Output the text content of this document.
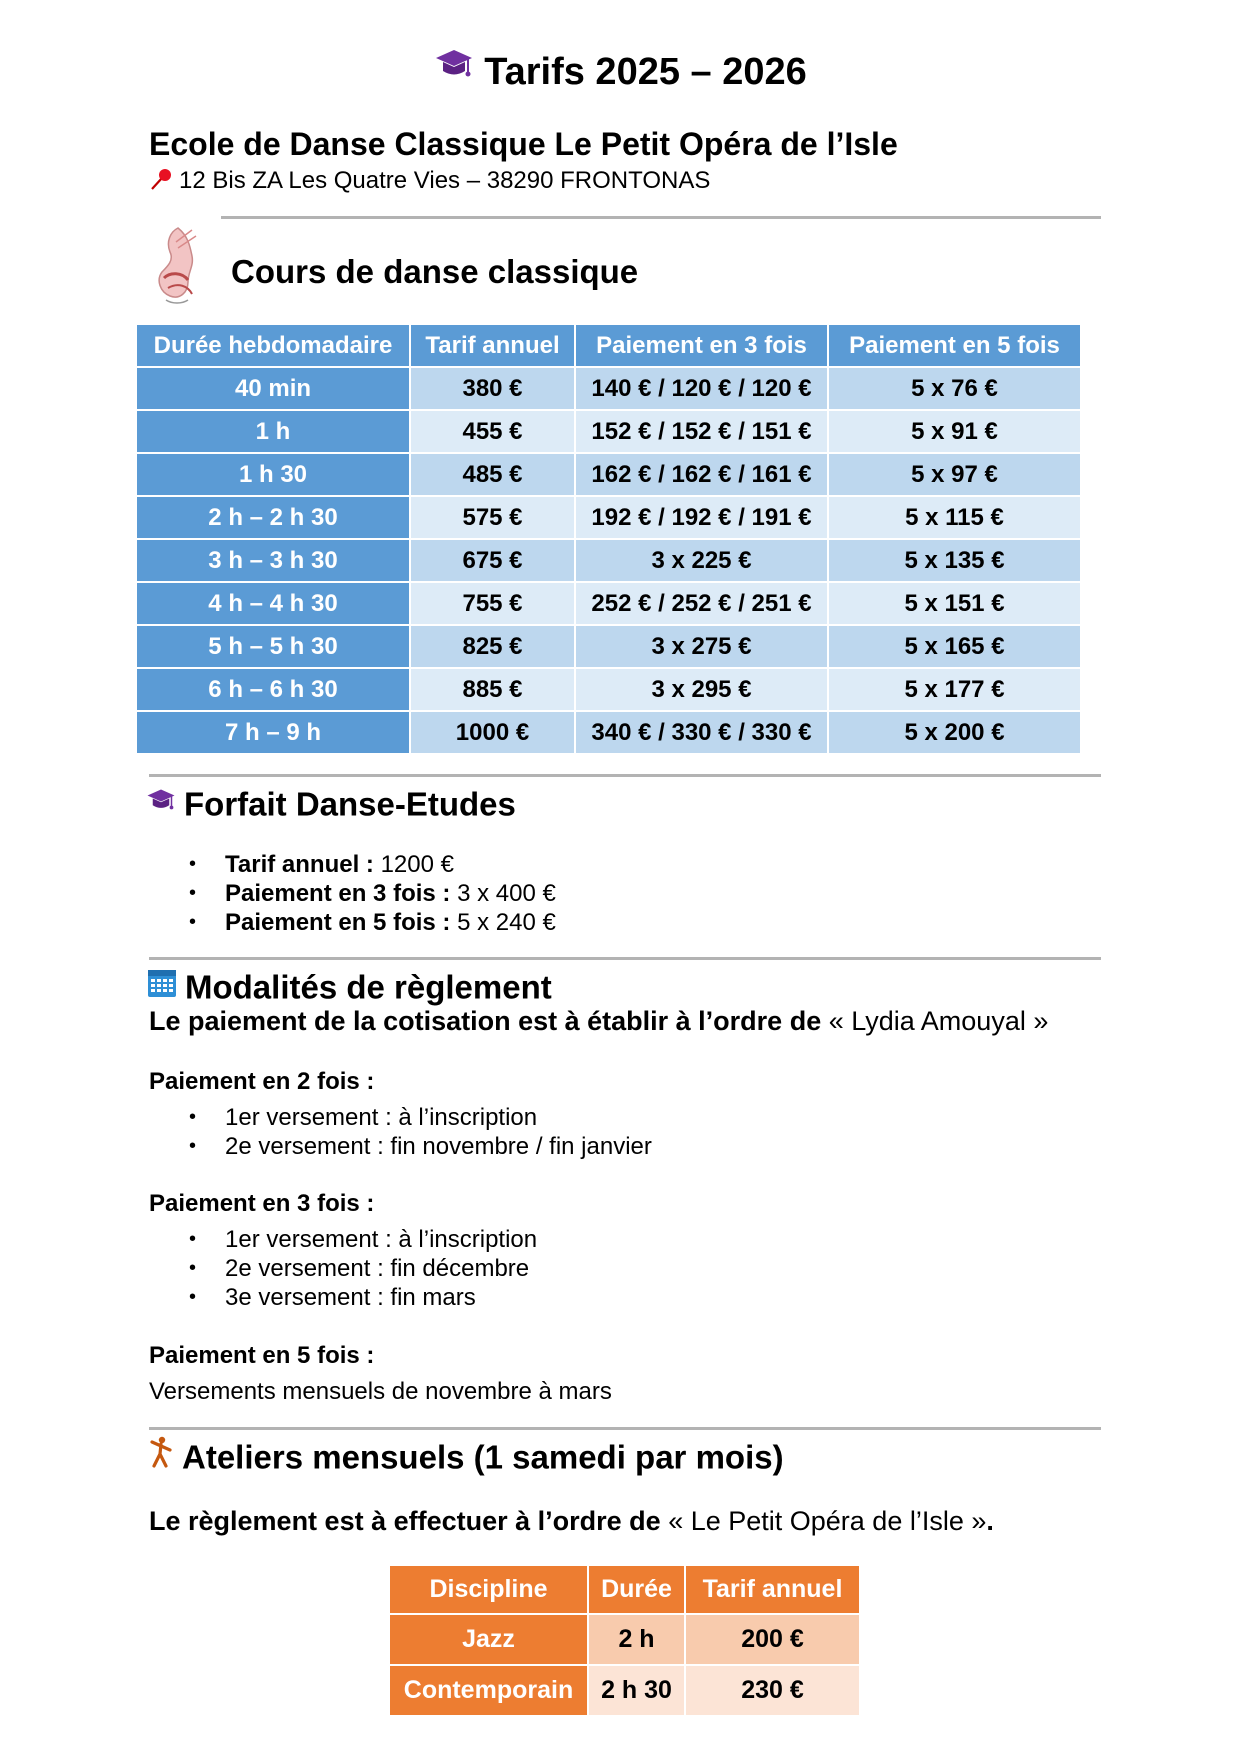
Tarifs 2025 – 2026
Ecole de Danse Classique Le Petit Opéra de l’Isle
12 Bis ZA Les Quatre Vies – 38290 FRONTONAS
Cours de danse classique
Durée hebdomadaire	Tarif annuel	Paiement en 3 fois	Paiement en 5 fois
40 min	380 €	140 € / 120 € / 120 €	5 x 76 €
1 h	455 €	152 € / 152 € / 151 €	5 x 91 €
1 h 30	485 €	162 € / 162 € / 161 €	5 x 97 €
2 h – 2 h 30	575 €	192 € / 192 € / 191 €	5 x 115 €
3 h – 3 h 30	675 €	3 x 225 €	5 x 135 €
4 h – 4 h 30	755 €	252 € / 252 € / 251 €	5 x 151 €
5 h – 5 h 30	825 €	3 x 275 €	5 x 165 €
6 h – 6 h 30	885 €	3 x 295 €	5 x 177 €
7 h – 9 h	1000 €	340 € / 330 € / 330 €	5 x 200 €
Forfait Danse-Etudes
• Tarif annuel : 1200 €
• Paiement en 3 fois : 3 x 400 €
• Paiement en 5 fois : 5 x 240 €
Modalités de règlement
Le paiement de la cotisation est à établir à l’ordre de « Lydia Amouyal »
Paiement en 2 fois :
• 1er versement : à l’inscription
• 2e versement : fin novembre / fin janvier
Paiement en 3 fois :
• 1er versement : à l’inscription
• 2e versement : fin décembre
• 3e versement : fin mars
Paiement en 5 fois :
Versements mensuels de novembre à mars
Ateliers mensuels (1 samedi par mois)
Le règlement est à effectuer à l’ordre de « Le Petit Opéra de l’Isle ».
Discipline	Durée	Tarif annuel
Jazz	2 h	200 €
Contemporain	2 h 30	230 €
